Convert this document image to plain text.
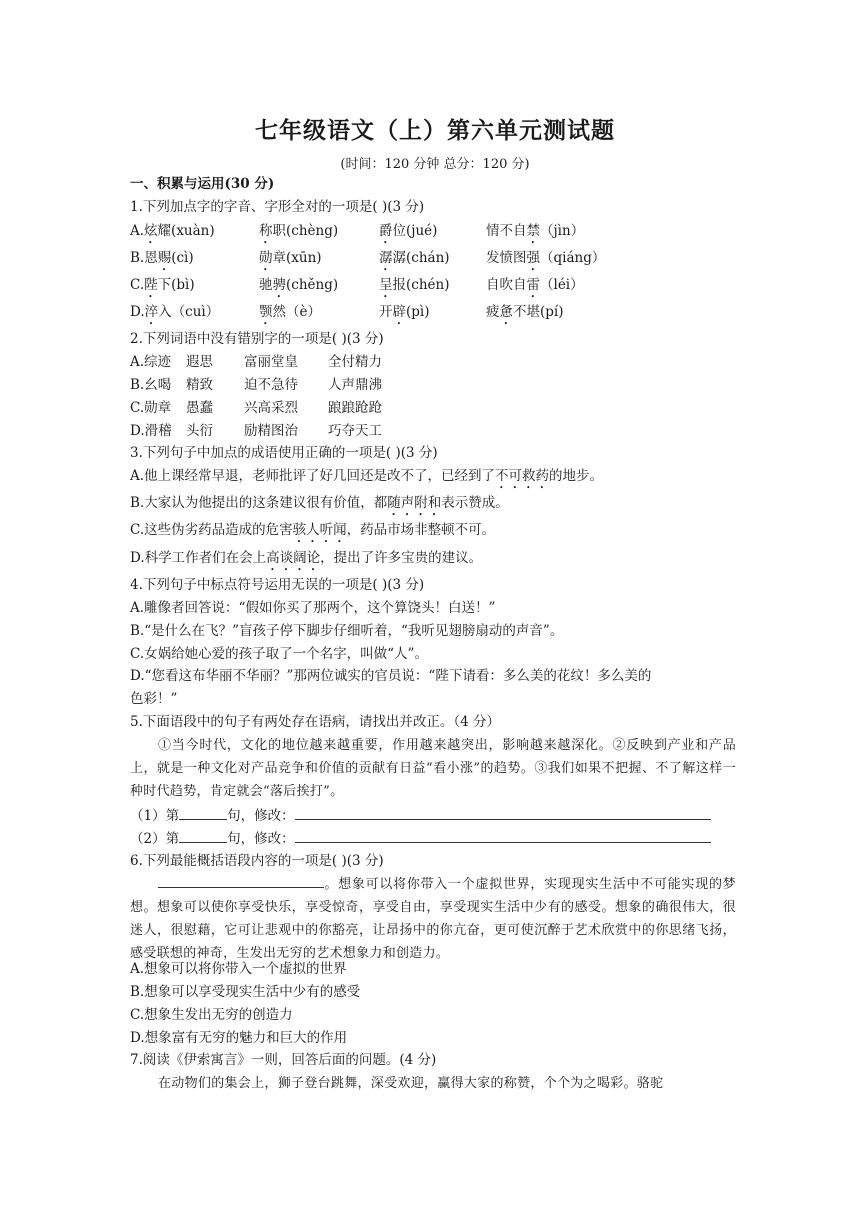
七年级语文（上）第六单元测试题
(时间：120 分钟 总分：120 分)
一、积累与运用(30 分)
1.下列加点字的字音、字形全对的一项是( )(3 分)
A.炫耀(xuàn)	称职(chèng)	爵位(jué)	情不自禁（jìn）
B.恩赐(cì)	勋章(xūn)	潺潺(chán)	发愤图强（qiáng）
C.陛下(bì)	驰骋(chěng)	呈报(chén)	自吹自雷（léi）
D.淬入（cuì）	颚然（è）	开辟(pì)	疲惫不堪(pí)
2.下列词语中没有错别字的一项是( )(3 分)
A.综迹 遐思 富丽堂皇 全付精力
B.幺喝 精致 迫不急待 人声鼎沸
C.勋章 愚蠢 兴高采烈 踉踉跄跄
D.滑稽 头衍 励精图治 巧夺天工
3.下列句子中加点的成语使用正确的一项是( )(3 分)
A.他上课经常早退，老师批评了好几回还是改不了，已经到了不可救药的地步。
B.大家认为他提出的这条建议很有价值，都随声附和表示赞成。
C.这些伪劣药品造成的危害骇人听闻，药品市场非整顿不可。
D.科学工作者们在会上高谈阔论，提出了许多宝贵的建议。
4.下列句子中标点符号运用无误的一项是( )(3 分)
A.雕像者回答说：“假如你买了那两个，这个算饶头！白送！”
B.“是什么在飞？”盲孩子停下脚步仔细听着，“我听见翅膀扇动的声音”。
C.女娲给她心爱的孩子取了一个名字，叫做“人”。
D.“您看这布华丽不华丽？”那两位诚实的官员说：“陛下请看：多么美的花纹！多么美的
色彩！”
5.下面语段中的句子有两处存在语病，请找出并改正。（4 分）
①当今时代，文化的地位越来越重要，作用越来越突出，影响越来越深化。②反映到产业和产品上，就是一种文化对产品竞争和价值的贡献有日益“看小涨”的趋势。③我们如果不把握、不了解这样一种时代趋势，肯定就会“落后挨打”。
（1）第	句，修改：
（2）第	句，修改：
6.下列最能概括语段内容的一项是( )(3 分)
。想象可以将你带入一个虚拟世界，实现现实生活中不可能实现的梦想。想象可以使你享受快乐，享受惊奇，享受自由，享受现实生活中少有的感受。想象的确很伟大，很迷人，很慰藉，它可让悲观中的你豁亮，让昂扬中的你亢奋，更可使沉醉于艺术欣赏中的你思绪飞扬，感受联想的神奇，生发出无穷的艺术想象力和创造力。
A.想象可以将你带入一个虚拟的世界
B.想象可以享受现实生活中少有的感受
C.想象生发出无穷的创造力
D.想象富有无穷的魅力和巨大的作用
7.阅读《伊索寓言》一则，回答后面的问题。(4 分)
在动物们的集会上，狮子登台跳舞，深受欢迎，赢得大家的称赞，个个为之喝彩。骆驼
